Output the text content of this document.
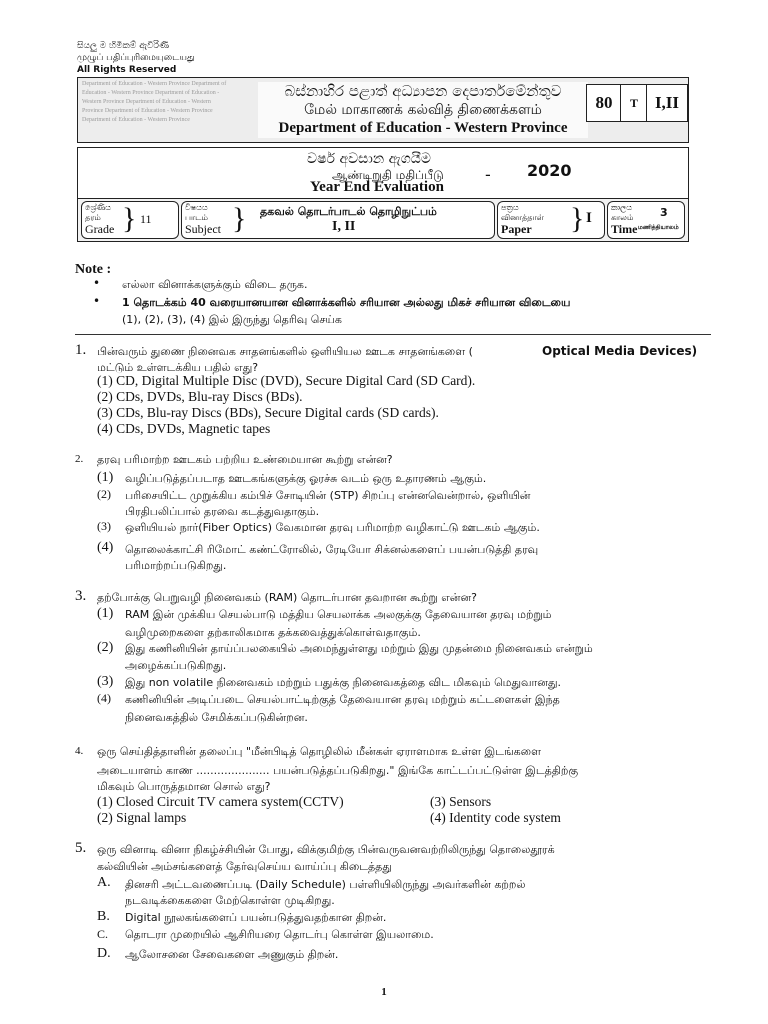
සියලු ම හිමිකම් ඇවිරිණි
முழுப் பதிப்புரிமையுடையது
All Rights Reserved
Department of Education - Western Province Department of Education - Western Province Department of Education - Western Province Department of Education - Western Province Department of Education - Western Province Department of Education - Western Province
බස්නාහිර පළාත් අධ්‍යාපන දෙපාර්තමේන්තුව
மேல் மாகாணக் கல்வித் திணைக்களம்
Department of Education - Western Province
80	T I,II
වර්ෂ අවසාන ඇගයීම
ஆண்டிறுதி மதிப்பீடு	- 2020
Year End Evaluation
ශ්‍රේණිය
தரம்
Grade } 11
විෂයය
பாடம்
Subject } தகவல் தொடர்பாடல் தொழிநுட்பம்
I, II
පත්‍රය
வினாத்தாள்
Paper } I
කාලය
காலம்
Time
3
மணித்தியாலம்
Note :
• எல்லா வினாக்களுக்கும் விடை தருக.
• 1 தொடக்கம் 40 வரையானயான வினாக்களில் சரியான அல்லது மிகச் சரியான விடையை
(1), (2), (3), (4) இல் இருந்து தெரிவு செய்க
1. பின்வரும் துணை நினைவக சாதனங்களில் ஒளியியல ஊடக சாதனங்களை (	Optical Media Devices)
மட்டும் உள்ளடக்கிய பதில் எது?
(1) CD, Digital Multiple Disc (DVD), Secure Digital Card (SD Card).
(2) CDs, DVDs, Blu-ray Discs (BDs).
(3) CDs, Blu-ray Discs (BDs), Secure Digital cards (SD cards).
(4) CDs, DVDs, Magnetic tapes
2. தரவு பரிமாற்ற ஊடகம் பற்றிய உண்மையான கூற்று என்ன?
(1) வழிப்படுத்தப்படாத ஊடகங்களுக்கு ஓரச்சு வடம் ஒரு உதாரணம் ஆகும்.
(2) பரிசையிட்ட முறுக்கிய கம்பிச் சோடியின் (STP) சிறப்பு என்னவென்றால், ஒளியின்
பிரதிபலிப்பால் தரவை கடத்துவதாகும்.
(3) ஒளியியல் நார்(Fiber Optics) வேகமான தரவு பரிமாற்ற வழிகாட்டு ஊடகம் ஆகும்.
(4) தொலைக்காட்சி ரிமோட் கண்ட்ரோலில், ரேடியோ சிக்னல்களைப் பயன்படுத்தி தரவு
பரிமாற்றப்படுகிறது.
3. தற்போக்கு பெறுவழி நினைவகம் (RAM) தொடர்பான தவறான கூற்று என்ன?
(1) RAM இன் முக்கிய செயல்பாடு மத்திய செயலாக்க அலகுக்கு தேவையான தரவு மற்றும்
வழிமுறைகளை தற்காலிகமாக தக்கவைத்துக்கொள்வதாகும்.
(2) இது கணினியின் தாய்ப்பலகையில் அமைந்துள்ளது மற்றும் இது முதன்மை நினைவகம் என்றும்
அழைக்கப்படுகிறது.
(3) இது non volatile நினைவகம் மற்றும் பதுக்கு நினைவகத்தை விட மிகவும் மெதுவானது.
(4) கணினியின் அடிப்படை செயல்பாட்டிற்குத் தேவையான தரவு மற்றும் கட்டளைகள் இந்த
நினைவகத்தில் சேமிக்கப்படுகின்றன.
4. ஒரு செய்தித்தாளின் தலைப்பு "மீன்பிடித் தொழிலில் மீன்கள் ஏராளமாக உள்ள இடங்களை
அடையாளம் காண ..................... பயன்படுத்தப்படுகிறது." இங்கே காட்டப்பட்டுள்ள இடத்திற்கு
மிகவும் பொருத்தமான சொல் எது?
(1) Closed Circuit TV camera system(CCTV)
(2) Signal lamps
(3) Sensors
(4) Identity code system
5. ஒரு வினாடி வினா நிகழ்ச்சியின் போது, விக்குமிற்கு பின்வருவனவற்றிலிருந்து தொலைதூரக்
கல்வியின் அம்சங்களைத் தேர்வுசெய்ய வாய்ப்பு கிடைத்தது
A. தினசரி அட்டவணைப்படி (Daily Schedule) பள்ளியிலிருந்து அவர்களின் கற்றல்
நடவடிக்கைகளை மேற்கொள்ள முடிகிறது.
B. Digital நூலகங்களைப் பயன்படுத்துவதற்கான திறன்.
C. தொடரா முறையில் ஆசிரியரை தொடர்பு கொள்ள இயலாமை.
D. ஆலோசனை சேவைகளை அணுகும் திறன்.
1
